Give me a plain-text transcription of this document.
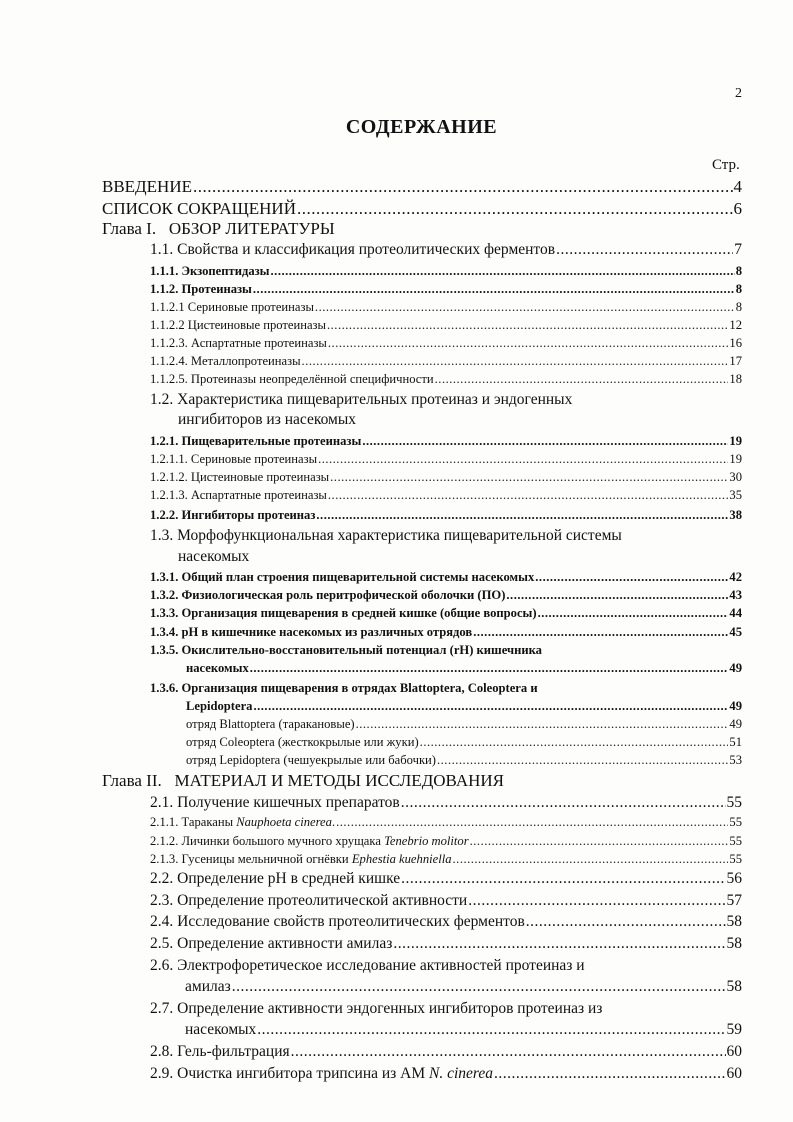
2
СОДЕРЖАНИЕ
Стр.
ВВЕДЕНИЕ .....	4
СПИСОК СОКРАЩЕНИЙ .....	6
Глава I.   ОБЗОР ЛИТЕРАТУРЫ
1.1. Свойства и классификация протеолитических ферментов .....	7
1.1.1. Экзопептидазы .....	8
1.1.2. Протеиназы .....	8
1.1.2.1 Сериновые протеиназы .....	8
1.1.2.2 Цистеиновые протеиназы .....	12
1.1.2.3. Аспартатные протеиназы .....	16
1.1.2.4. Металлопротеиназы .....	17
1.1.2.5. Протеиназы неопределённой специфичности .....	18
1.2. Характеристика пищеварительных протеиназ и эндогенных
ингибиторов из насекомых
1.2.1. Пищеварительные протеиназы .....	19
1.2.1.1. Сериновые протеиназы .....	19
1.2.1.2. Цистеиновые протеиназы .....	30
1.2.1.3. Аспартатные протеиназы .....	35
1.2.2. Ингибиторы протеиназ .....	38
1.3. Морфофункциональная характеристика пищеварительной системы
насекомых
1.3.1. Общий план строения пищеварительной системы насекомых .....	42
1.3.2. Физиологическая роль перитрофической оболочки (ПО) .....	43
1.3.3. Организация пищеварения в средней кишке (общие вопросы) .....	44
1.3.4. pH в кишечнике насекомых из различных отрядов .....	45
1.3.5. Окислительно-восстановительный потенциал (rH) кишечника
насекомых .....	49
1.3.6. Организация пищеварения в отрядах Blattoptera, Coleoptera и
Lepidoptera .....	49
отряд Blattoptera (таракановые) .....	49
отряд Coleoptera (жесткокрылые или жуки) .....	51
отряд Lepidoptera (чешуекрылые или бабочки) .....	53
Глава II.   МАТЕРИАЛ И МЕТОДЫ ИССЛЕДОВАНИЯ
2.1. Получение кишечных препаратов .....	55
2.1.1. Тараканы Nauphoeta cinerea. .....	55
2.1.2. Личинки большого мучного хрущака Tenebrio molitor .....	55
2.1.3. Гусеницы мельничной огнёвки Ephestia kuehniella .....	55
2.2. Определение pH в средней кишке .....	56
2.3. Определение протеолитической активности .....	57
2.4. Исследование свойств протеолитических ферментов .....	58
2.5. Определение активности амилаз .....	58
2.6. Электрофоретическое исследование активностей протеиназ и
амилаз .....	58
2.7. Определение активности эндогенных ингибиторов протеиназ из
насекомых .....	59
2.8. Гель-фильтрация .....	60
2.9. Очистка ингибитора трипсина из АМ N. cinerea .....	60
